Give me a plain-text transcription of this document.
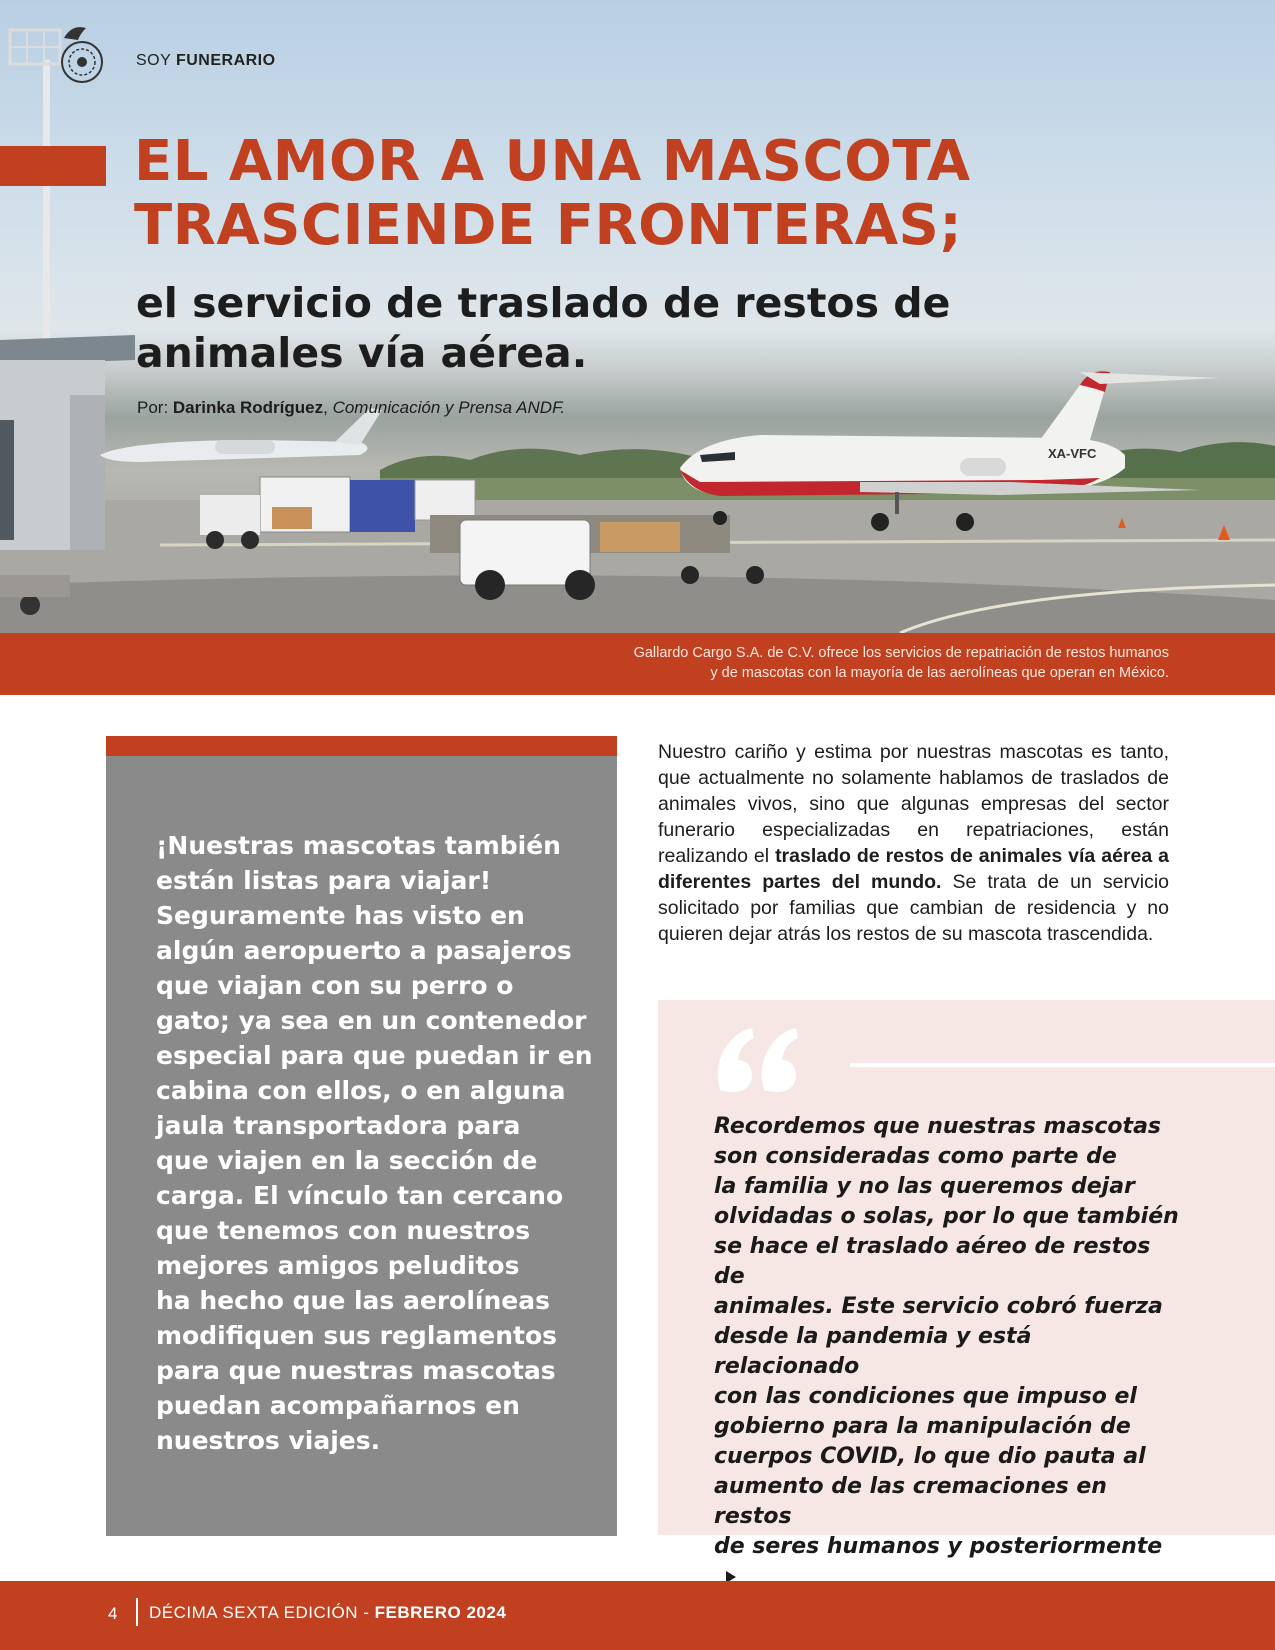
XA-VFC
SOY FUNERARIO
EL AMOR A UNA MASCOTA
TRASCIENDE FRONTERAS;
el servicio de traslado de restos de
animales vía aérea.
Por: Darinka Rodríguez, Comunicación y Prensa ANDF.
Gallardo Cargo S.A. de C.V. ofrece los servicios de repatriación de restos humanos
y de mascotas con la mayoría de las aerolíneas que operan en México.
¡Nuestras mascotas también
están listas para viajar!
Seguramente has visto en
algún aeropuerto a pasajeros
que viajan con su perro o
gato; ya sea en un contenedor
especial para que puedan ir en
cabina con ellos, o en alguna
jaula transportadora para
que viajen en la sección de
carga. El vínculo tan cercano
que tenemos con nuestros
mejores amigos peluditos
ha hecho que las aerolíneas
modifiquen sus reglamentos
para que nuestras mascotas
puedan acompañarnos en
nuestros viajes.

Nuestro cariño y estima por nuestras mascotas es tanto, que actualmente no solamente hablamos de traslados de animales vivos, sino que algunas empresas del sector funerario especializadas en repatriaciones, están realizando el traslado de restos de animales vía aérea a diferentes partes del mundo. Se trata de un servicio solicitado por familias que cambian de residencia y no quieren dejar atrás los restos de su mascota trascendida.

Recordemos que nuestras mascotas
son consideradas como parte de
la familia y no las queremos dejar
olvidadas o solas, por lo que también
se hace el traslado aéreo de restos de
animales. Este servicio cobró fuerza
desde la pandemia y está relacionado
con las condiciones que impuso el
gobierno para la manipulación de
cuerpos COVID, lo que dio pauta al
aumento de las cremaciones en restos
de seres humanos y posteriormente
4 DÉCIMA SEXTA EDICIÓN - FEBRERO 2024
